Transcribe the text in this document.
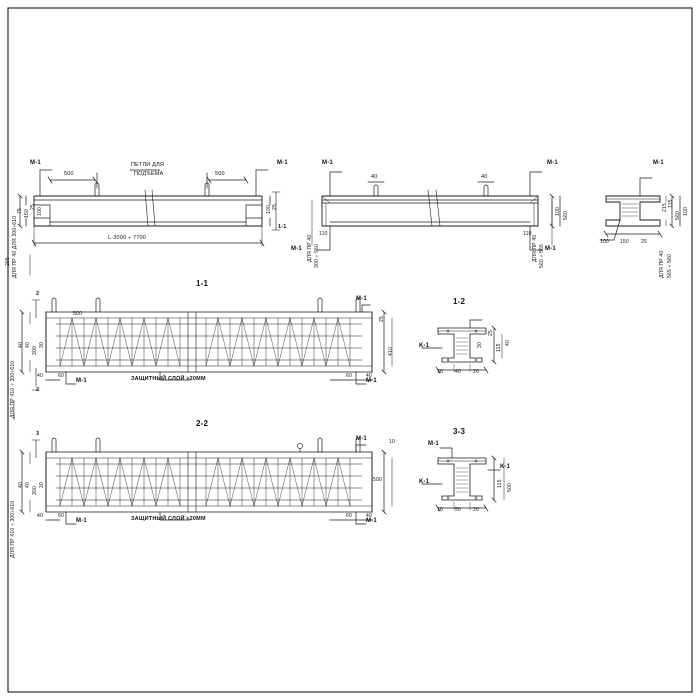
M-1	M-1
ПЕТЛИ ДЛЯ
ПОДЪЕМА
500	500
L-3000 ÷ 7700
75 150
25
100	100 25
ДЛЯ ПР 40 ДЛЯ 300÷610
265
1-1
M-1	M-1
M-1	M-1
40	40
110	110
100 560
ДЛЯ ПР 40 300 ÷ 560	ДЛЯ ПР 40 560 ÷ 565
M-1
100 150 25
215 115
560 100
ДЛЯ ПР 40 565 ÷ 560
1-1
M-1
M-1	M-1
2
2
ЗАЩИТНЫЙ СЛОЙ ≥20ММ
40 40
300
30
ДЛЯ ПР 410 ÷ 300÷610
25
410
40	60	60	40
500
1-2
K-1
25
115
40
10 40 20
30
2-2
M-1
M-1	M-1
3
ЗАЩИТНЫЙ СЛОЙ ≥20ММ
40 40
300
30
ДЛЯ ПР 410 ÷ 300÷610
500
10
40	60	60	40
3-3
M-1
K-1
K-1
115 500
10 50 20
